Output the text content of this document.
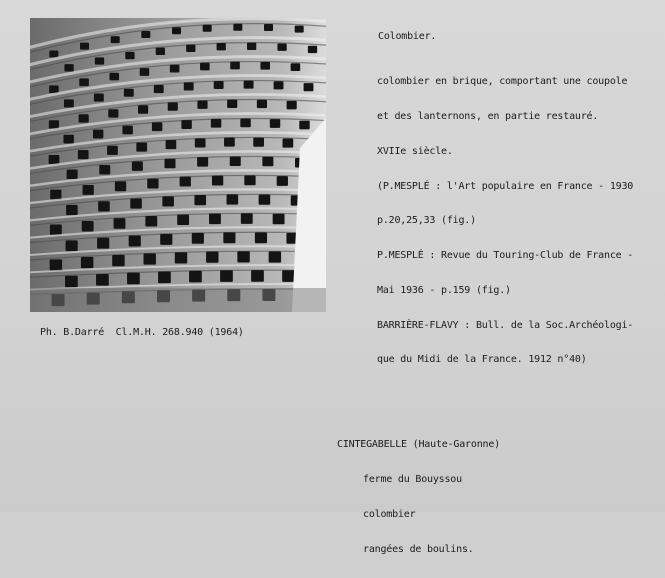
Colombier.

colombier en brique, comportant une coupole

et des lanternons, en partie restauré.

XVIIe siècle.

(P.MESPLÉ : l'Art populaire en France - 1930

p.20,25,33 (fig.)

P.MESPLÉ : Revue du Touring-Club de France -

Mai 1936 - p.159 (fig.)

BARRIÈRE-FLAVY : Bull. de la Soc.Archéologi-

que du Midi de la France. 1912 n°40)

Ph. B.Darré  Cl.M.H. 268.940 (1964)

CINTEGABELLE (Haute-Garonne)

ferme du Bouyssou

colombier

rangées de boulins.
